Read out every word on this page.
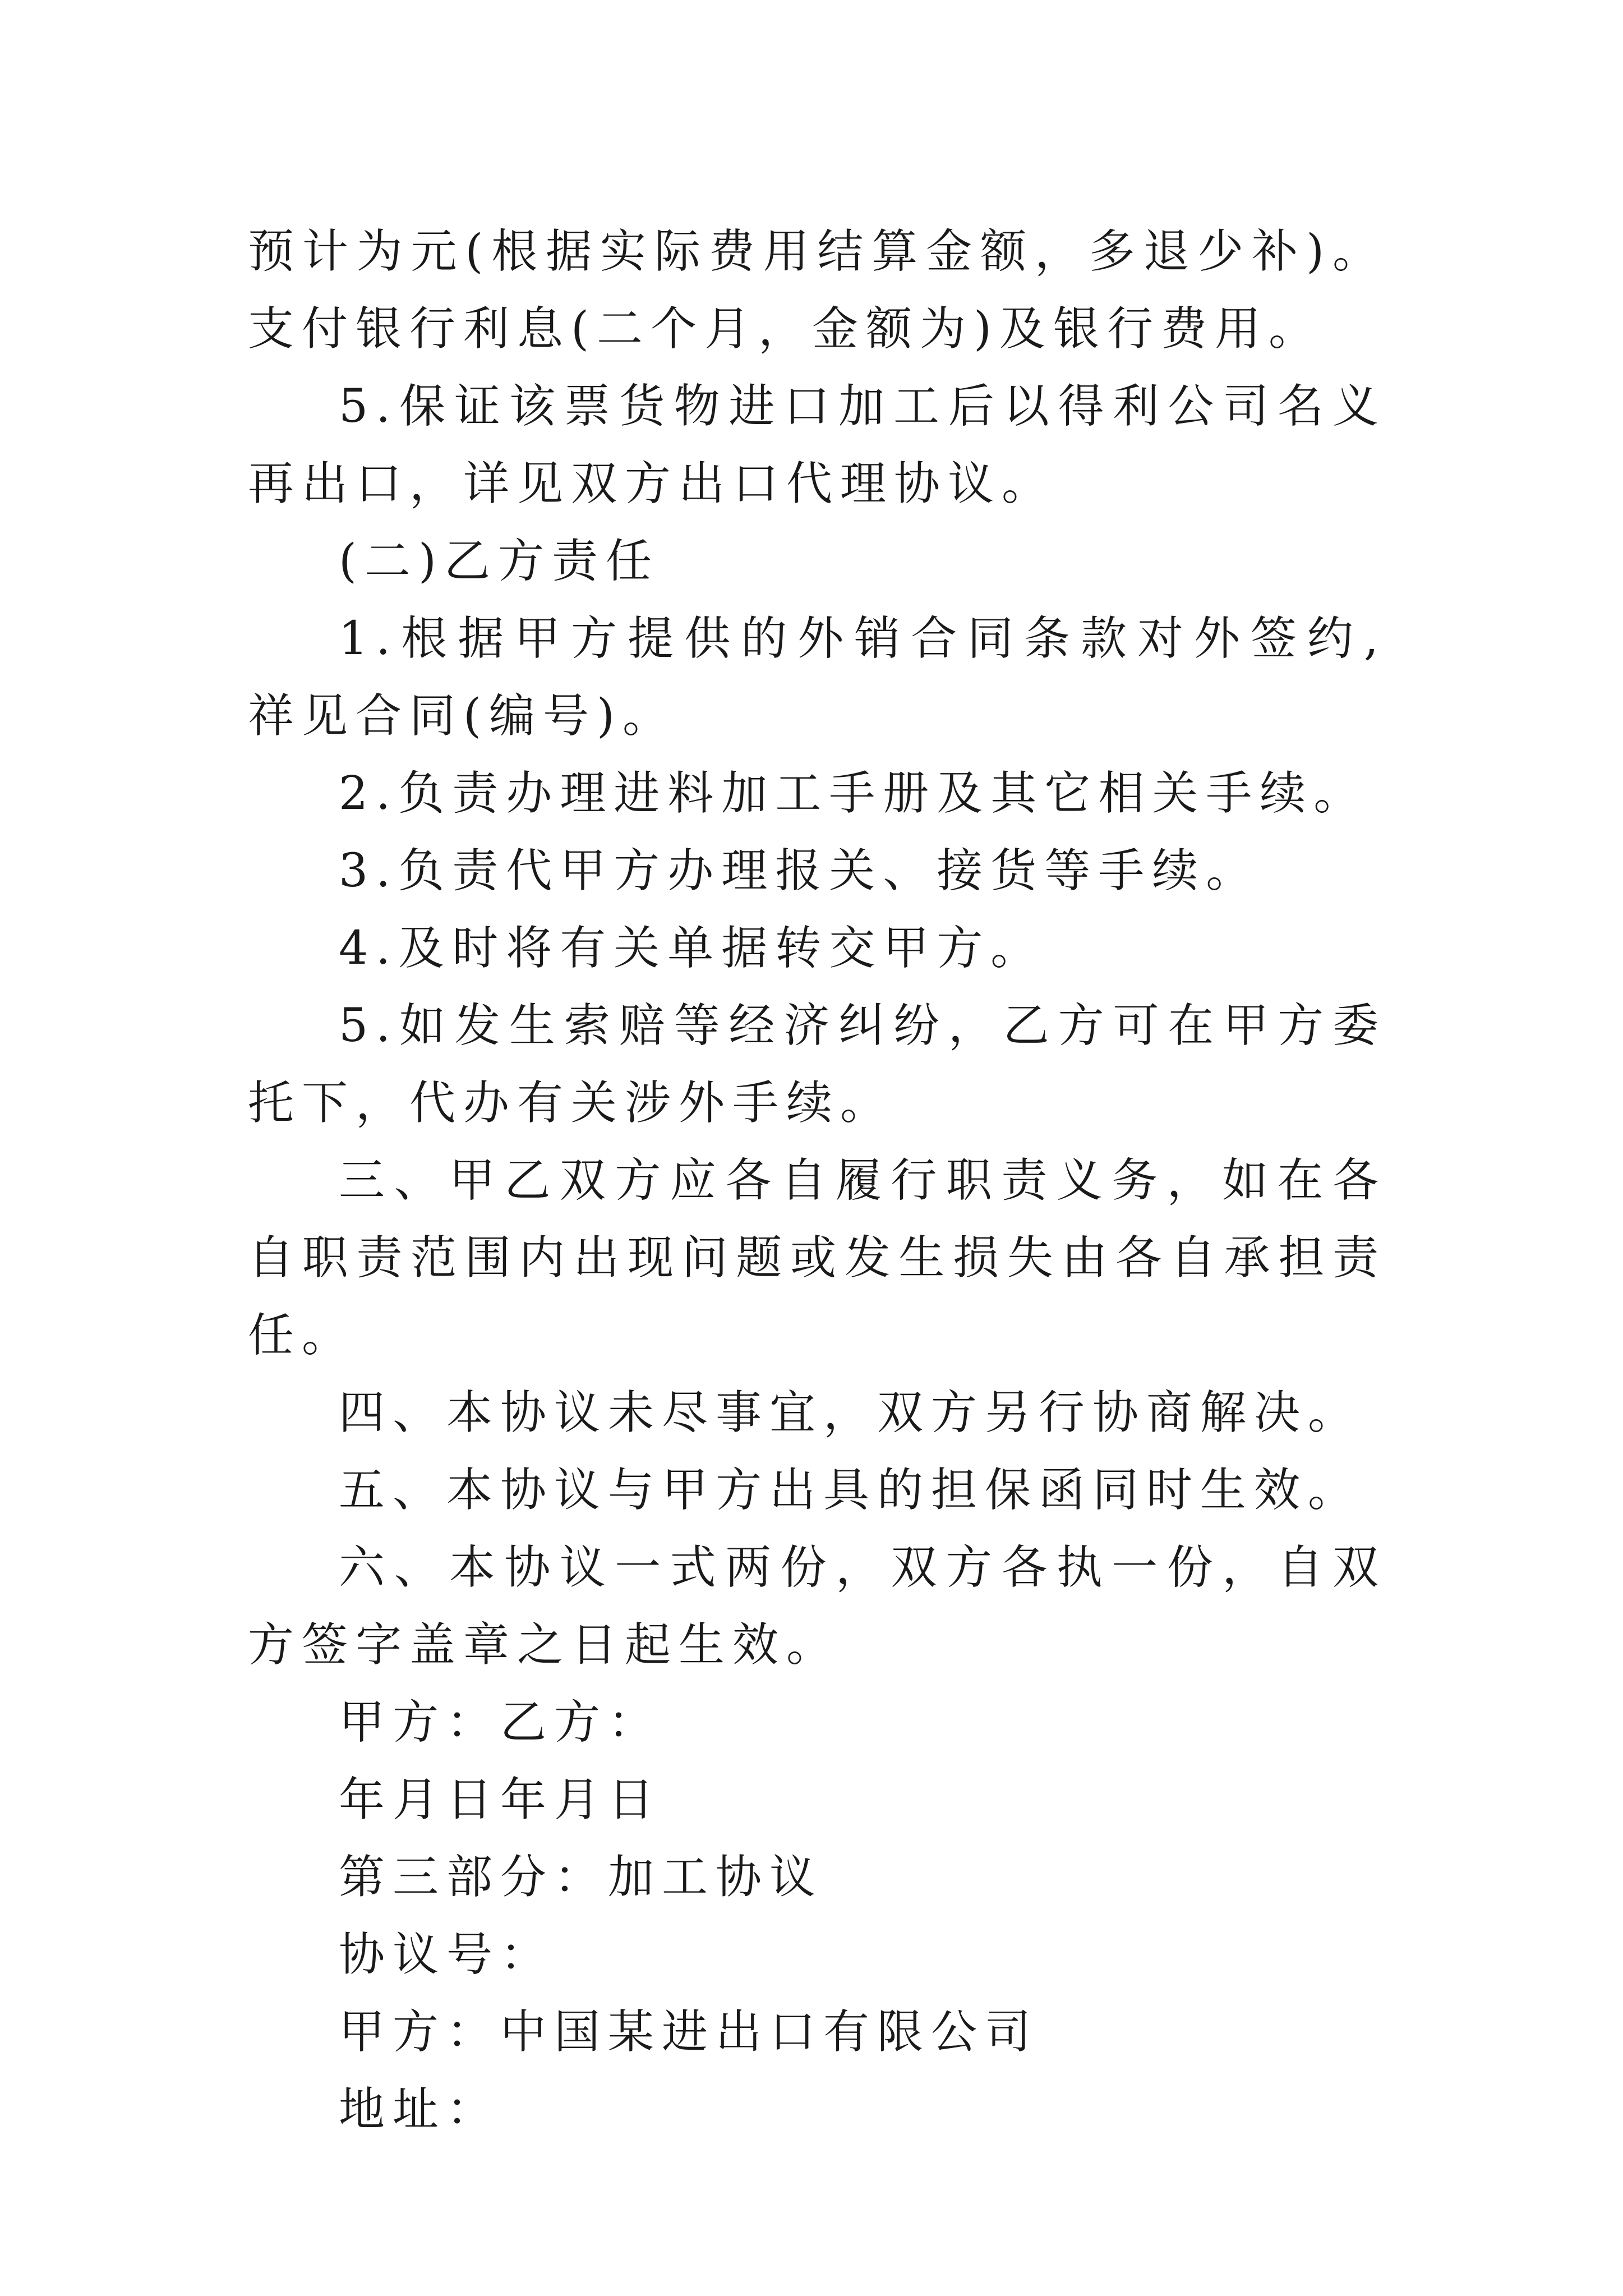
预计为元(根据实际费用结算金额，多退少补)。支付银行利息(二个月，金额为)及银行费用。

5.保证该票货物进口加工后以得利公司名义再出口，详见双方出口代理协议。

(二)乙方责任

1.根据甲方提供的外销合同条款对外签约,祥见合同(编号)。

2.负责办理进料加工手册及其它相关手续。

3.负责代甲方办理报关、接货等手续。

4.及时将有关单据转交甲方。

5.如发生索赔等经济纠纷，乙方可在甲方委托下，代办有关涉外手续。

三、甲乙双方应各自履行职责义务，如在各自职责范围内出现问题或发生损失由各自承担责任。

四、本协议未尽事宜，双方另行协商解决。

五、本协议与甲方出具的担保函同时生效。

六、本协议一式两份，双方各执一份，自双方签字盖章之日起生效。

甲方：乙方：

年月日年月日

第三部分：加工协议

协议号：

甲方：中国某进出口有限公司

地址：
